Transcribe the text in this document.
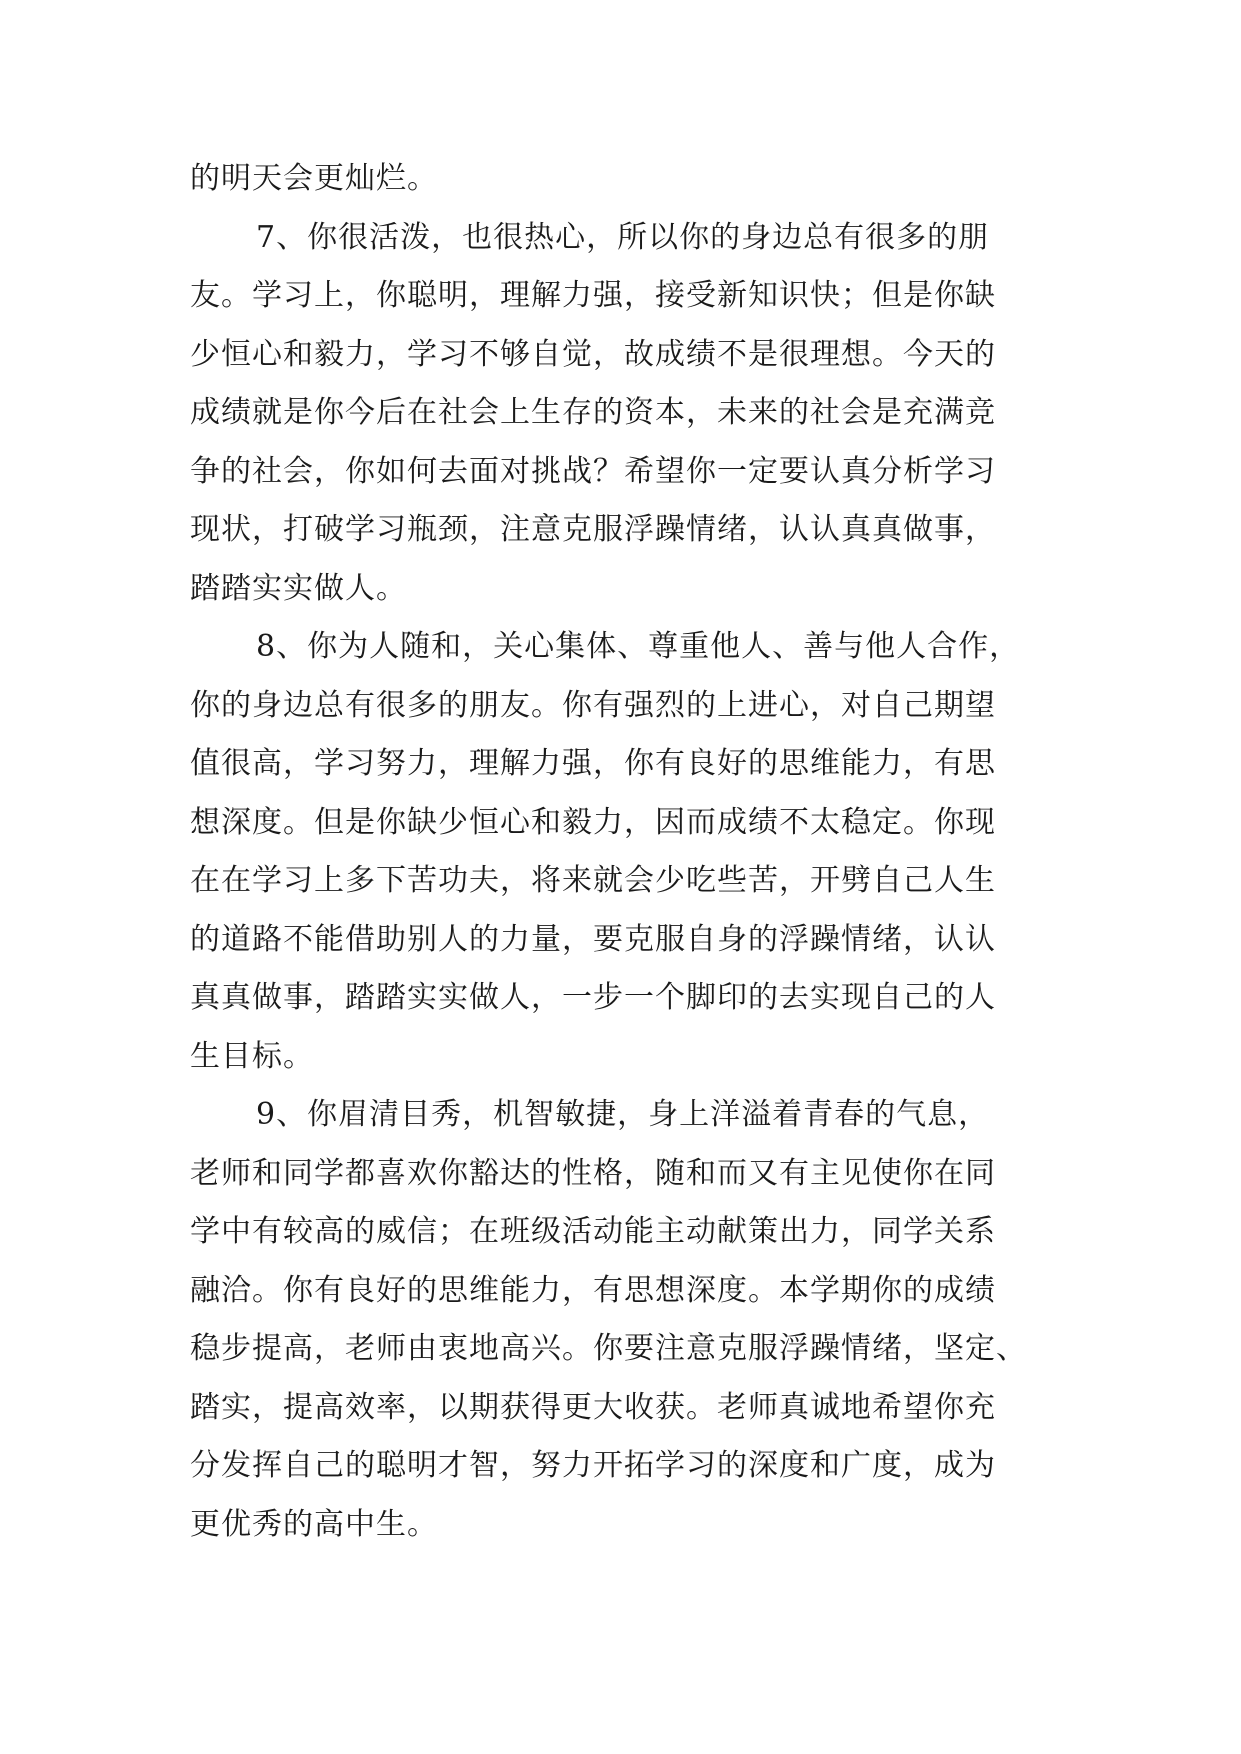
的明天会更灿烂。
7、你很活泼，也很热心，所以你的身边总有很多的朋
友。学习上，你聪明，理解力强，接受新知识快；但是你缺
少恒心和毅力，学习不够自觉，故成绩不是很理想。今天的
成绩就是你今后在社会上生存的资本，未来的社会是充满竞
争的社会，你如何去面对挑战？希望你一定要认真分析学习
现状，打破学习瓶颈，注意克服浮躁情绪，认认真真做事，
踏踏实实做人。
8、你为人随和，关心集体、尊重他人、善与他人合作，
你的身边总有很多的朋友。你有强烈的上进心，对自己期望
值很高，学习努力，理解力强，你有良好的思维能力，有思
想深度。但是你缺少恒心和毅力，因而成绩不太稳定。你现
在在学习上多下苦功夫，将来就会少吃些苦，开劈自己人生
的道路不能借助别人的力量，要克服自身的浮躁情绪，认认
真真做事，踏踏实实做人，一步一个脚印的去实现自己的人
生目标。
9、你眉清目秀，机智敏捷，身上洋溢着青春的气息，
老师和同学都喜欢你豁达的性格，随和而又有主见使你在同
学中有较高的威信；在班级活动能主动献策出力，同学关系
融洽。你有良好的思维能力，有思想深度。本学期你的成绩
稳步提高，老师由衷地高兴。你要注意克服浮躁情绪，坚定、
踏实，提高效率，以期获得更大收获。老师真诚地希望你充
分发挥自己的聪明才智，努力开拓学习的深度和广度，成为
更优秀的高中生。
